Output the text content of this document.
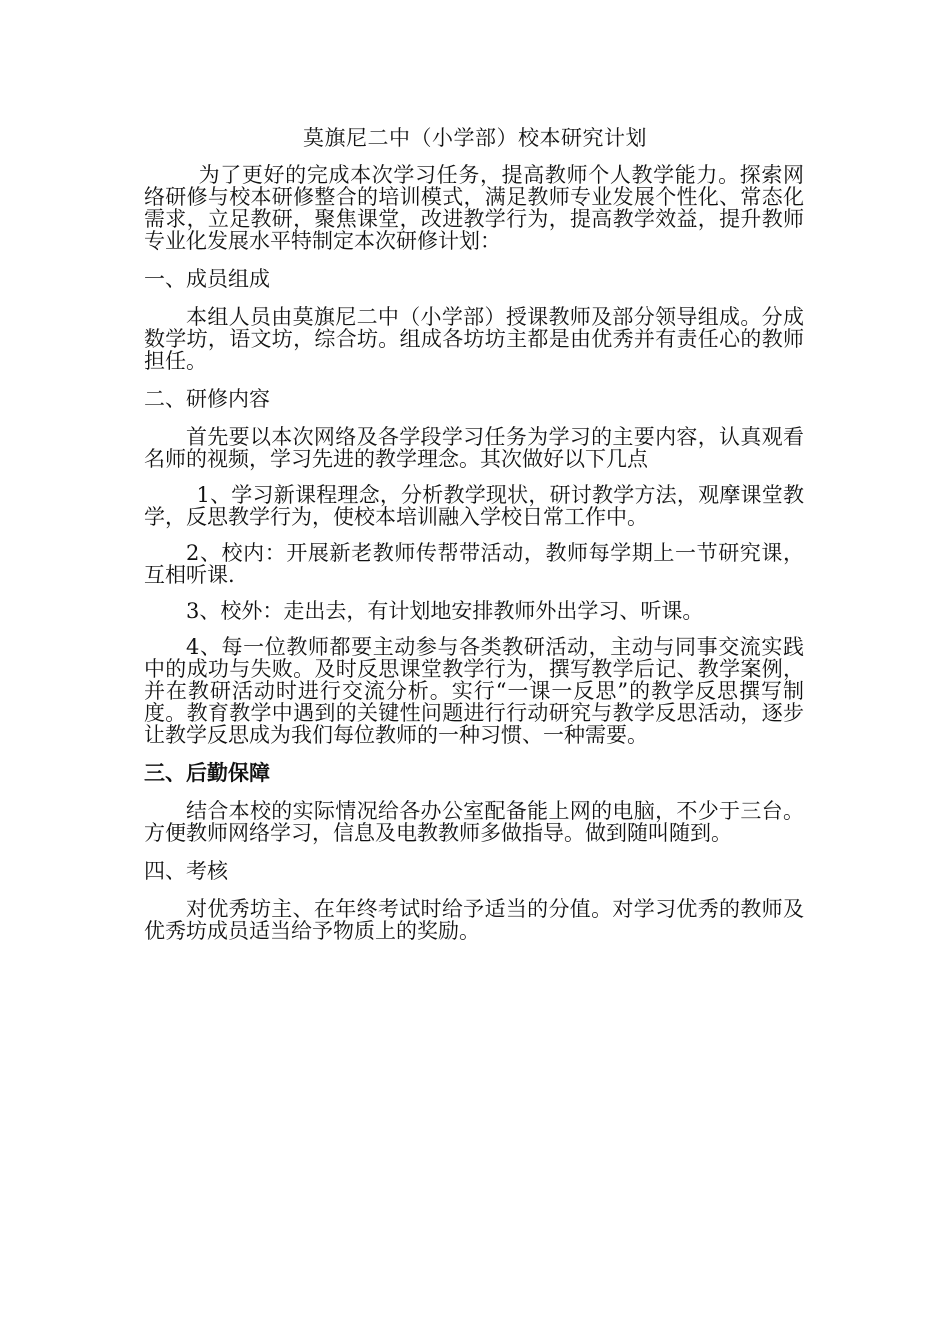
莫旗尼二中（小学部）校本研究计划

为了更好的完成本次学习任务，提高教师个人教学能力。探索网络研修与校本研修整合的培训模式，满足教师专业发展个性化、常态化需求，立足教研，聚焦课堂，改进教学行为，提高教学效益，提升教师专业化发展水平特制定本次研修计划：

一、成员组成

本组人员由莫旗尼二中（小学部）授课教师及部分领导组成。分成数学坊，语文坊，综合坊。组成各坊坊主都是由优秀并有责任心的教师担任。

二、研修内容

首先要以本次网络及各学段学习任务为学习的主要内容，认真观看名师的视频，学习先进的教学理念。其次做好以下几点

1、学习新课程理念，分析教学现状，研讨教学方法，观摩课堂教学，反思教学行为，使校本培训融入学校日常工作中。

2、校内：开展新老教师传帮带活动，教师每学期上一节研究课，互相听课.

3、校外：走出去，有计划地安排教师外出学习、听课。

4、每一位教师都要主动参与各类教研活动，主动与同事交流实践中的成功与失败。及时反思课堂教学行为，撰写教学后记、教学案例，并在教研活动时进行交流分析。实行“一课一反思”的教学反思撰写制度。教育教学中遇到的关键性问题进行行动研究与教学反思活动，逐步让教学反思成为我们每位教师的一种习惯、一种需要。

三、后勤保障

结合本校的实际情况给各办公室配备能上网的电脑，不少于三台。方便教师网络学习，信息及电教教师多做指导。做到随叫随到。

四、考核

对优秀坊主、在年终考试时给予适当的分值。对学习优秀的教师及优秀坊成员适当给予物质上的奖励。
